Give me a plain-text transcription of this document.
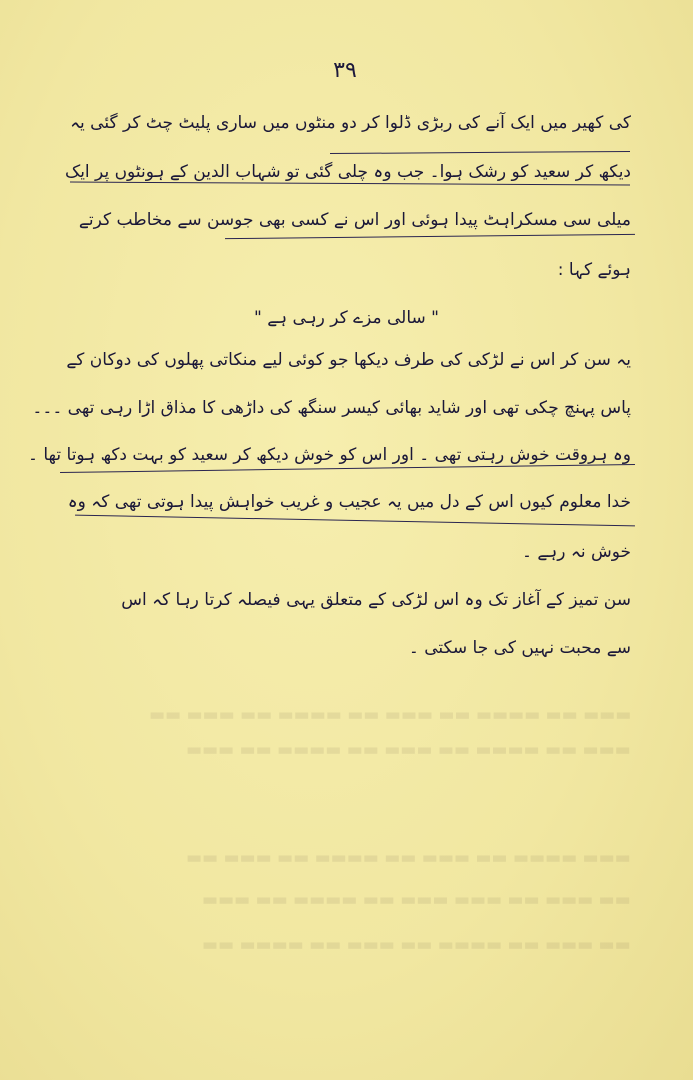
۳۹
کی کھیر میں ایک آنے کی ربڑی ڈلوا کر دو منٹوں میں ساری پلیٹ چٹ کر گئی یہ
دیکھ کر سعید کو رشک ہوا۔ جب وہ چلی گئی تو شہاب الدین کے ہونٹوں پر ایک
میلی سی مسکراہٹ پیدا ہوئی اور اس نے کسی بھی جوسن سے مخاطب کرتے
ہوئے کہا :
" سالی مزے کر رہی ہے "
یہ سن کر اس نے لڑکی کی طرف دیکھا جو کوئی لیے منکاتی پھلوں کی دوکان کے
پاس پہنچ چکی تھی اور شاید بھائی کیسر سنگھ کی داڑھی کا مذاق اڑا رہی تھی ۔۔۔
وہ ہروقت خوش رہتی تھی ۔ اور اس کو خوش دیکھ کر سعید کو بہت دکھ ہوتا تھا ۔
خدا معلوم کیوں اس کے دل میں یہ عجیب و غریب خواہش پیدا ہوتی تھی کہ وہ
خوش نہ رہے ۔
سن تمیز کے آغاز تک وہ اس لڑکی کے متعلق یہی فیصلہ کرتا رہا کہ اس
سے محبت نہیں کی جا سکتی ۔
▬▬ ▬▬▬ ▬▬ ▬▬▬▬ ▬▬ ▬▬▬ ▬▬ ▬▬▬▬ ▬▬ ▬▬▬
▬▬▬ ▬▬ ▬▬▬▬ ▬▬ ▬▬▬ ▬▬ ▬▬▬▬ ▬▬ ▬▬▬
▬▬ ▬▬▬ ▬▬ ▬▬▬▬ ▬▬ ▬▬▬ ▬▬ ▬▬▬▬ ▬▬▬
▬▬▬ ▬▬ ▬▬▬▬ ▬▬ ▬▬▬ ▬▬▬ ▬▬ ▬▬▬ ▬▬
▬▬ ▬▬▬▬ ▬▬ ▬▬▬ ▬▬ ▬▬▬▬ ▬▬ ▬▬▬ ▬▬
